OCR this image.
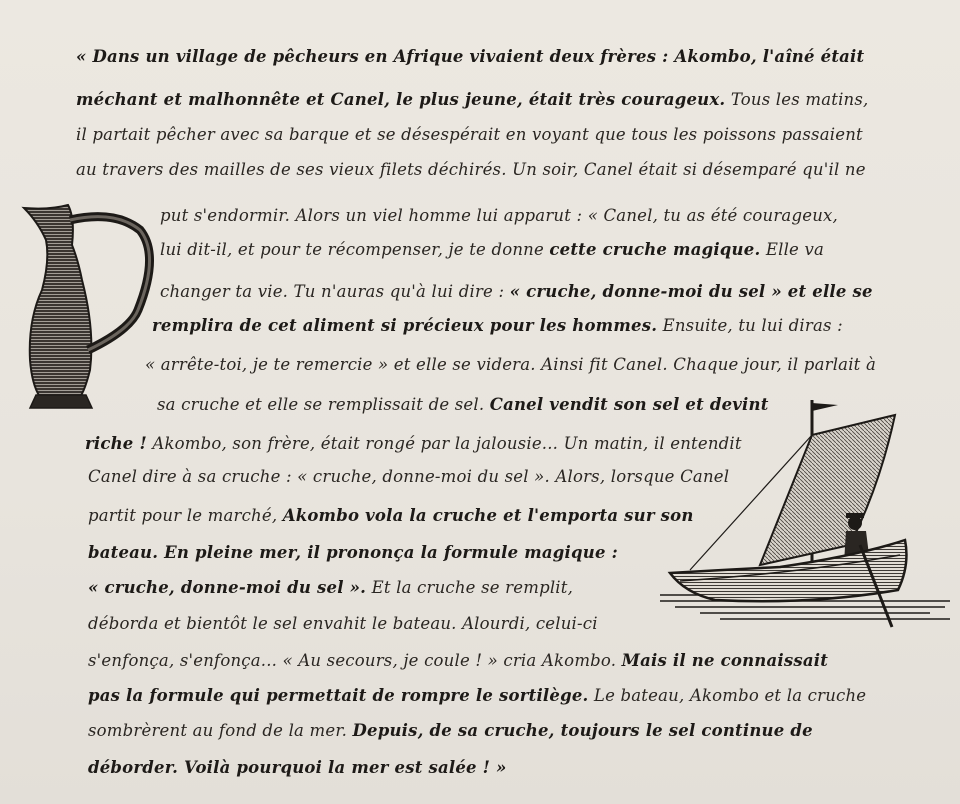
« Dans un village de pêcheurs en Afrique vivaient deux frères : Akombo, l'aîné était
méchant et malhonnête et Canel, le plus jeune, était très courageux. Tous les matins,
il partait pêcher avec sa barque et se désespérait en voyant que tous les poissons passaient
au travers des mailles de ses vieux filets déchirés. Un soir, Canel était si désemparé qu'il ne
put s'endormir. Alors un viel homme lui apparut : « Canel, tu as été courageux,
lui dit-il, et pour te récompenser, je te donne cette cruche magique. Elle va
changer ta vie. Tu n'auras qu'à lui dire : « cruche, donne-moi du sel » et elle se
remplira de cet aliment si précieux pour les hommes. Ensuite, tu lui diras :
« arrête-toi, je te remercie » et elle se videra. Ainsi fit Canel. Chaque jour, il parlait à
sa cruche et elle se remplissait de sel. Canel vendit son sel et devint
riche ! Akombo, son frère, était rongé par la jalousie... Un matin, il entendit
Canel dire à sa cruche : « cruche, donne-moi du sel ». Alors, lorsque Canel
partit pour le marché, Akombo vola la cruche et l'emporta sur son
bateau. En pleine mer, il prononça la formule magique :
« cruche, donne-moi du sel ». Et la cruche se remplit,
déborda et bientôt le sel envahit le bateau. Alourdi, celui-ci
s'enfonça, s'enfonça... « Au secours, je coule ! » cria Akombo. Mais il ne connaissait
pas la formule qui permettait de rompre le sortilège. Le bateau, Akombo et la cruche
sombrèrent au fond de la mer. Depuis, de sa cruche, toujours le sel continue de
déborder. Voilà pourquoi la mer est salée ! »
